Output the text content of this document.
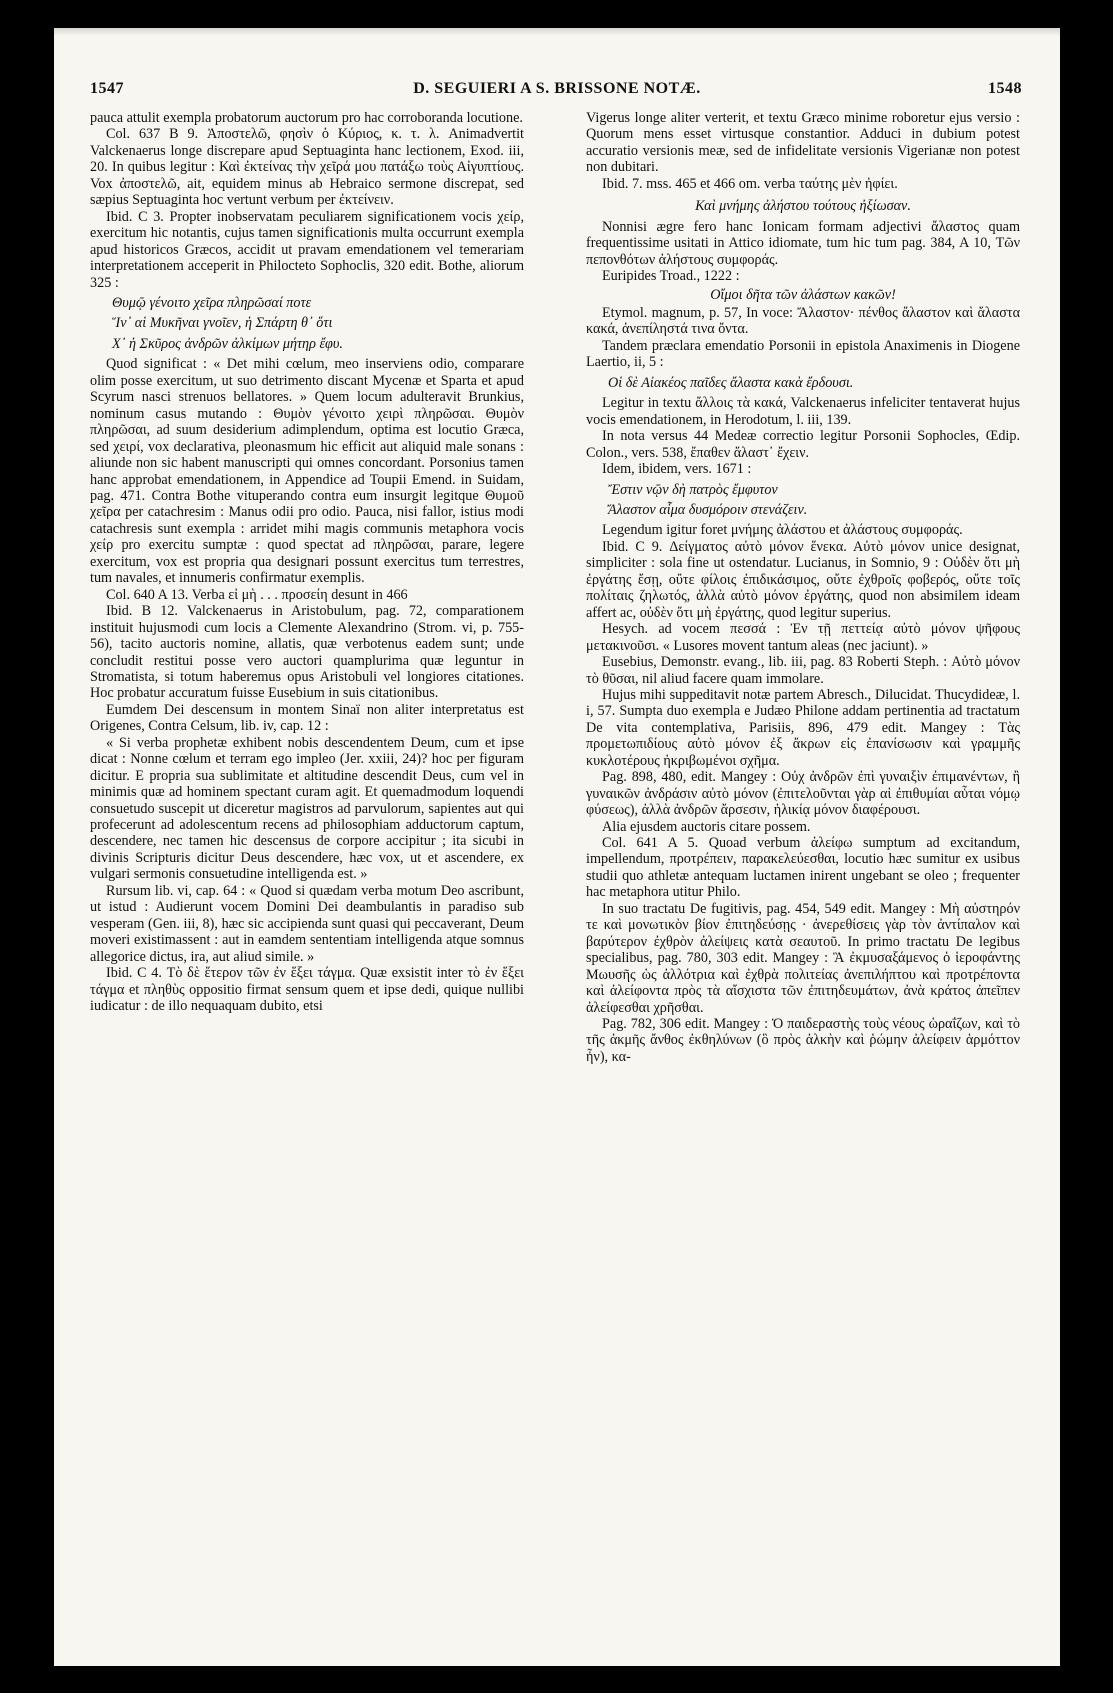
1547	D. SEGUIERI A S. BRISSONE NOTÆ.	1548

pauca attulit exempla probatorum auctorum pro hac corroboranda locutione.

Col. 637 B 9. Ἀποστελῶ, φησὶν ὁ Κύριος, κ. τ. λ. Animadvertit Valckenaerus longe discrepare apud Septuaginta hanc lectionem, Exod. iii, 20. In quibus legitur : Καὶ ἐκτείνας τὴν χεῖρά μου πατάξω τοὺς Αἰγυπτίους. Vox ἀποστελῶ, ait, equidem minus ab Hebraico sermone discrepat, sed sæpius Septuaginta hoc vertunt verbum per ἐκτείνειν.

Ibid. C 3. Propter inobservatam peculiarem significationem vocis χείρ, exercitum hic notantis, cujus tamen significationis multa occurrunt exempla apud historicos Græcos, accidit ut pravam emendationem vel temerariam interpretationem acceperit in Philocteto Sophoclis, 320 edit. Bothe, aliorum 325 :

Θυμῷ γένοιτο χεῖρα πληρῶσαί ποτε

Ἵν᾽ αἱ Μυκῆναι γνοῖεν, ἡ Σπάρτη θ᾽ ὅτι

Χ᾽ ἡ Σκῦρος ἀνδρῶν ἀλκίμων μήτηρ ἔφυ.

Quod significat : « Det mihi cœlum, meo inserviens odio, comparare olim posse exercitum, ut suo detrimento discant Mycenæ et Sparta et apud Scyrum nasci strenuos bellatores. » Quem locum adulteravit Brunkius, nominum casus mutando : Θυμὸν γένοιτο χειρὶ πληρῶσαι. Θυμὸν πληρῶσαι, ad suum desiderium adimplendum, optima est locutio Græca, sed χειρί, vox declarativa, pleonasmum hic efficit aut aliquid male sonans : aliunde non sic habent manuscripti qui omnes concordant. Porsonius tamen hanc approbat emendationem, in Appendice ad Toupii Emend. in Suidam, pag. 471. Contra Bothe vituperando contra eum insurgit legitque Θυμοῦ χεῖρα per catachresim : Manus odii pro odio. Pauca, nisi fallor, istius modi catachresis sunt exempla : arridet mihi magis communis metaphora vocis χείρ pro exercitu sumptæ : quod spectat ad πληρῶσαι, parare, legere exercitum, vox est propria qua designari possunt exercitus tum terrestres, tum navales, et innumeris confirmatur exemplis.

Col. 640 A 13. Verba εἰ μὴ . . . προσείη desunt in 466

Ibid. B 12. Valckenaerus in Aristobulum, pag. 72, comparationem instituit hujusmodi cum locis a Clemente Alexandrino (Strom. vi, p. 755-56), tacito auctoris nomine, allatis, quæ verbotenus eadem sunt; unde concludit restitui posse vero auctori quamplurima quæ leguntur in Stromatista, si totum haberemus opus Aristobuli vel longiores citationes. Hoc probatur accuratum fuisse Eusebium in suis citationibus.

Eumdem Dei descensum in montem Sinaï non aliter interpretatus est Origenes, Contra Celsum, lib. iv, cap. 12 :

« Si verba prophetæ exhibent nobis descendentem Deum, cum et ipse dicat : Nonne cœlum et terram ego impleo (Jer. xxiii, 24)? hoc per figuram dicitur. E propria sua sublimitate et altitudine descendit Deus, cum vel in minimis quæ ad hominem spectant curam agit. Et quemadmodum loquendi consuetudo suscepit ut diceretur magistros ad parvulorum, sapientes aut qui profecerunt ad adolescentum recens ad philosophiam adductorum captum, descendere, nec tamen hic descensus de corpore accipitur ; ita sicubi in divinis Scripturis dicitur Deus descendere, hæc vox, ut et ascendere, ex vulgari sermonis consuetudine intelligenda est. »

Rursum lib. vi, cap. 64 : « Quod si quædam verba motum Deo ascribunt, ut istud : Audierunt vocem Domini Dei deambulantis in paradiso sub vesperam (Gen. iii, 8), hæc sic accipienda sunt quasi qui peccaverant, Deum moveri existimassent : aut in eamdem sententiam intelligenda atque somnus allegorice dictus, ira, aut aliud simile. »

Ibid. C 4. Τὸ δὲ ἕτερον τῶν ἐν ἕξει τάγμα. Quæ exsistit inter τὸ ἐν ἕξει τάγμα et πληθὺς oppositio firmat sensum quem et ipse dedi, quique nullibi iudicatur : de illo nequaquam dubito, etsi

Vigerus longe aliter verterit, et textu Græco minime roboretur ejus versio : Quorum mens esset virtusque constantior. Adduci in dubium potest accuratio versionis meæ, sed de infidelitate versionis Vigerianæ non potest non dubitari.

Ibid. 7. mss. 465 et 466 om. verba ταύτης μὲν ἠφίει.

Καὶ μνήμης ἀλήστου τούτους ἠξίωσαν.

Nonnisi ægre fero hanc Ionicam formam adjectivi ἄλαστος quam frequentissime usitati in Attico idiomate, tum hic tum pag. 384, A 10, Τῶν πεπονθότων ἀλήστους συμφοράς.

Euripides Troad., 1222 :

Οἴμοι δῆτα τῶν ἀλάστων κακῶν!

Etymol. magnum, p. 57, In voce: Ἄλαστον· πένθος ἄλαστον καὶ ἄλαστα κακά, ἀνεπίληστά τινα ὄντα.

Tandem præclara emendatio Porsonii in epistola Anaximenis in Diogene Laertio, ii, 5 :

Οἱ δὲ Αἰακέος παῖδες ἄλαστα κακὰ ἔρδουσι.

Legitur in textu ἄλλοις τὰ κακά, Valckenaerus infeliciter tentaverat hujus vocis emendationem, in Herodotum, l. iii, 139.

In nota versus 44 Medeæ correctio legitur Porsonii Sophocles, Œdip. Colon., vers. 538, ἔπαθεν ἄλαστ᾽ ἔχειν.

Idem, ibidem, vers. 1671 :

Ἔστιν νῷν δὴ πατρὸς ἔμφυτον

Ἄλαστον αἷμα δυσμόροιν στενάζειν.

Legendum igitur foret μνήμης ἀλάστου et ἀλάστους συμφοράς.

Ibid. C 9. Δείγματος αὐτὸ μόνον ἕνεκα. Αὐτὸ μόνον unice designat, simpliciter : sola fine ut ostendatur. Lucianus, in Somnio, 9 : Οὐδὲν ὅτι μὴ ἐργάτης ἔσῃ, οὔτε φίλοις ἐπιδικάσιμος, οὔτε ἐχθροῖς φοβερός, οὔτε τοῖς πολίταις ζηλωτός, ἀλλὰ αὐτὸ μόνον ἐργάτης, quod non absimilem ideam affert ac, οὐδὲν ὅτι μὴ ἐργάτης, quod legitur superius.

Hesych. ad vocem πεσσά : Ἐν τῇ πεττείᾳ αὐτὸ μόνον ψῆφους μετακινοῦσι. « Lusores movent tantum aleas (nec jaciunt). »

Eusebius, Demonstr. evang., lib. iii, pag. 83 Roberti Steph. : Αὐτὸ μόνον τὸ θῦσαι, nil aliud facere quam immolare.

Hujus mihi suppeditavit notæ partem Abresch., Dilucidat. Thucydideæ, l. i, 57. Sumpta duo exempla e Judæo Philone addam pertinentia ad tractatum De vita contemplativa, Parisiis, 896, 479 edit. Mangey : Τὰς προμετωπιδίους αὐτὸ μόνον ἐξ ἄκρων εἰς ἐπανίσωσιν καὶ γραμμῆς κυκλοτέρους ἠκριβωμένοι σχῆμα.

Pag. 898, 480, edit. Mangey : Οὐχ ἀνδρῶν ἐπὶ γυναιξὶν ἐπιμανέντων, ἢ γυναικῶν ἀνδράσιν αὐτὸ μόνον (ἐπιτελοῦνται γὰρ αἱ ἐπιθυμίαι αὗται νόμῳ φύσεως), ἀλλὰ ἀνδρῶν ἄρσεσιν, ἡλικίᾳ μόνον διαφέρουσι.

Alia ejusdem auctoris citare possem.

Col. 641 A 5. Quoad verbum ἀλείφω sumptum ad excitandum, impellendum, προτρέπειν, παρακελεύεσθαι, locutio hæc sumitur ex usibus studii quo athletæ antequam luctamen inirent ungebant se oleo ; frequenter hac metaphora utitur Philo.

In suo tractatu De fugitivis, pag. 454, 549 edit. Mangey : Μὴ αὐστηρόν τε καὶ μονωτικὸν βίον ἐπιτηδεύσῃς · ἀνερεθίσεις γὰρ τὸν ἀντίπαλον καὶ βαρύτερον ἐχθρὸν ἀλείψεις κατὰ σεαυτοῦ. In primo tractatu De legibus specialibus, pag. 780, 303 edit. Mangey : Ἃ ἐκμυσαξάμενος ὁ ἱεροφάντης Μωυσῆς ὡς ἀλλότρια καὶ ἐχθρὰ πολιτείας ἀνεπιλήπτου καὶ προτρέποντα καὶ ἀλείφοντα πρὸς τὰ αἴσχιστα τῶν ἐπιτηδευμάτων, ἀνὰ κράτος ἀπεῖπεν ἀλείφεσθαι χρῆσθαι.

Pag. 782, 306 edit. Mangey : Ὁ παιδεραστὴς τοὺς νέους ὡραΐζων, καὶ τὸ τῆς ἀκμῆς ἄνθος ἐκθηλύνων (ὃ πρὸς ἀλκὴν καὶ ῥώμην ἀλείφειν ἁρμόττον ἦν), κα-
